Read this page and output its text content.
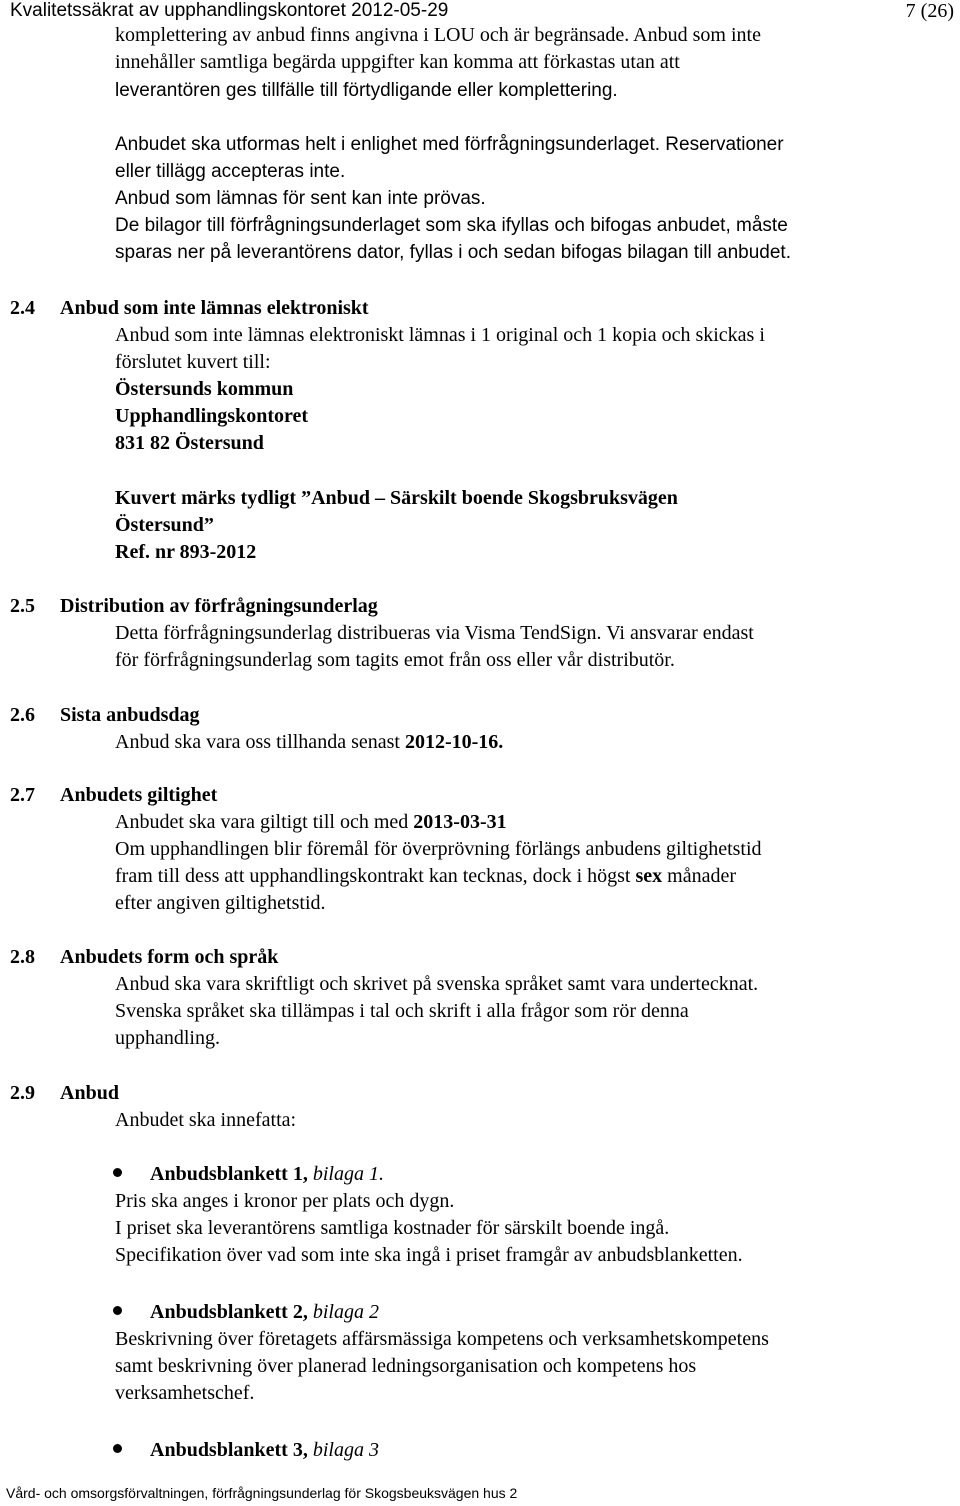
Kvalitetssäkrat av upphandlingskontoret 2012-05-29	7 (26)
komplettering av anbud finns angivna i LOU och är begränsade. Anbud som inte
innehåller samtliga begärda uppgifter kan komma att förkastas utan att
leverantören ges tillfälle till förtydligande eller komplettering.
Anbudet ska utformas helt i enlighet med förfrågningsunderlaget. Reservationer
eller tillägg accepteras inte.
Anbud som lämnas för sent kan inte prövas.
De bilagor till förfrågningsunderlaget som ska ifyllas och bifogas anbudet, måste
sparas ner på leverantörens dator, fyllas i och sedan bifogas bilagan till anbudet.
2.4 Anbud som inte lämnas elektroniskt
Anbud som inte lämnas elektroniskt lämnas i 1 original och 1 kopia och skickas i
förslutet kuvert till:
Östersunds kommun
Upphandlingskontoret
831 82 Östersund
Kuvert märks tydligt ”Anbud – Särskilt boende Skogsbruksvägen
Östersund”
Ref. nr 893-2012
2.5 Distribution av förfrågningsunderlag
Detta förfrågningsunderlag distribueras via Visma TendSign. Vi ansvarar endast
för förfrågningsunderlag som tagits emot från oss eller vår distributör.
2.6 Sista anbudsdag
Anbud ska vara oss tillhanda senast 2012-10-16.
2.7 Anbudets giltighet
Anbudet ska vara giltigt till och med 2013-03-31
Om upphandlingen blir föremål för överprövning förlängs anbudens giltighetstid
fram till dess att upphandlingskontrakt kan tecknas, dock i högst sex månader
efter angiven giltighetstid.
2.8 Anbudets form och språk
Anbud ska vara skriftligt och skrivet på svenska språket samt vara undertecknat.
Svenska språket ska tillämpas i tal och skrift i alla frågor som rör denna
upphandling.
2.9 Anbud
Anbudet ska innefatta:
Anbudsblankett 1, bilaga 1.
Pris ska anges i kronor per plats och dygn.
I priset ska leverantörens samtliga kostnader för särskilt boende ingå.
Specifikation över vad som inte ska ingå i priset framgår av anbudsblanketten.
Anbudsblankett 2, bilaga 2
Beskrivning över företagets affärsmässiga kompetens och verksamhetskompetens
samt beskrivning över planerad ledningsorganisation och kompetens hos
verksamhetschef.
Anbudsblankett 3, bilaga 3
Vård- och omsorgsförvaltningen, förfrågningsunderlag för Skogsbeuksvägen hus 2
